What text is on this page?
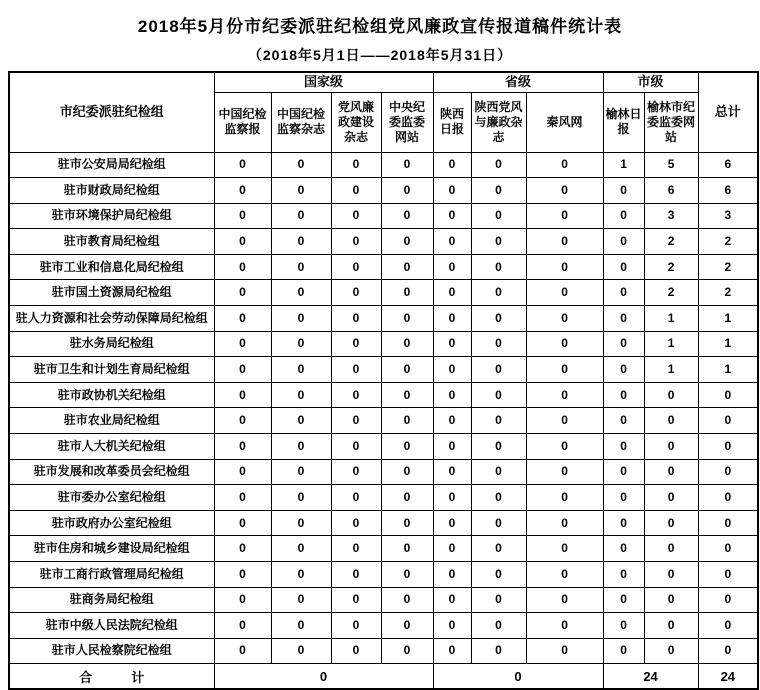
2018年5月份市纪委派驻纪检组党风廉政宣传报道稿件统计表
（2018年5月1日——2018年5月31日）
市纪委派驻纪检组	国家级				省级			市级		总计
	中国纪检监察报	中国纪检监察杂志	党风廉政建设杂志	中央纪委监委网站	陕西日报	陕西党风与廉政杂志	秦风网	榆林日报	榆林市纪委监委网站	
驻市公安局局纪检组	0	0	0	0	0	0	0	1	5	6
驻市财政局纪检组	0	0	0	0	0	0	0	0	6	6
驻市环境保护局纪检组	0	0	0	0	0	0	0	0	3	3
驻市教育局纪检组	0	0	0	0	0	0	0	0	2	2
驻市工业和信息化局纪检组	0	0	0	0	0	0	0	0	2	2
驻市国土资源局纪检组	0	0	0	0	0	0	0	0	2	2
驻人力资源和社会劳动保障局纪检组	0	0	0	0	0	0	0	0	1	1
驻水务局纪检组	0	0	0	0	0	0	0	0	1	1
驻市卫生和计划生育局纪检组	0	0	0	0	0	0	0	0	1	1
驻市政协机关纪检组	0	0	0	0	0	0	0	0	0	0
驻市农业局纪检组	0	0	0	0	0	0	0	0	0	0
驻市人大机关纪检组	0	0	0	0	0	0	0	0	0	0
驻市发展和改革委员会纪检组	0	0	0	0	0	0	0	0	0	0
驻市委办公室纪检组	0	0	0	0	0	0	0	0	0	0
驻市政府办公室纪检组	0	0	0	0	0	0	0	0	0	0
驻市住房和城乡建设局纪检组	0	0	0	0	0	0	0	0	0	0
驻市工商行政管理局纪检组	0	0	0	0	0	0	0	0	0	0
驻商务局纪检组	0	0	0	0	0	0	0	0	0	0
驻市中级人民法院纪检组	0	0	0	0	0	0	0	0	0	0
驻市人民检察院纪检组	0	0	0	0	0	0	0	0	0	0
合　　　计	0				0			24		24
